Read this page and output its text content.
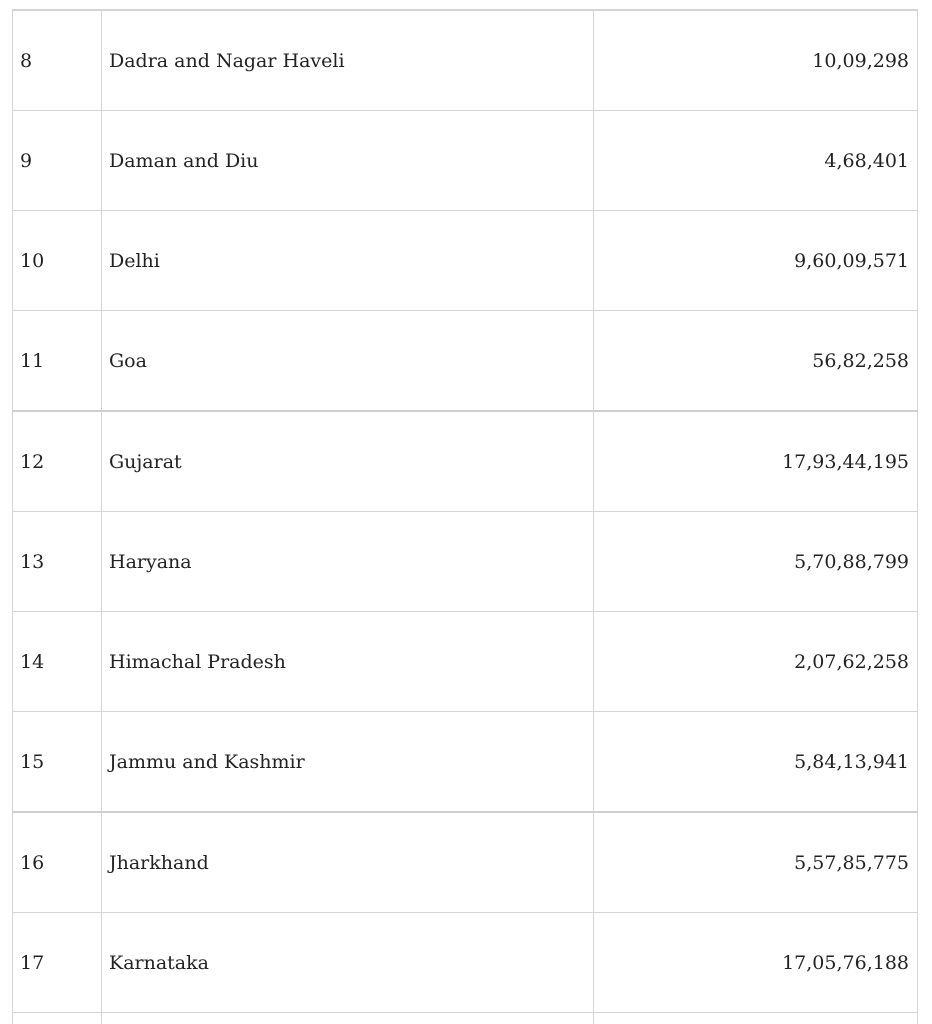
8	Dadra and Nagar Haveli	10,09,298
9	Daman and Diu	4,68,401
10	Delhi	9,60,09,571
11	Goa	56,82,258
12	Gujarat	17,93,44,195
13	Haryana	5,70,88,799
14	Himachal Pradesh	2,07,62,258
15	Jammu and Kashmir	5,84,13,941
16	Jharkhand	5,57,85,775
17	Karnataka	17,05,76,188
